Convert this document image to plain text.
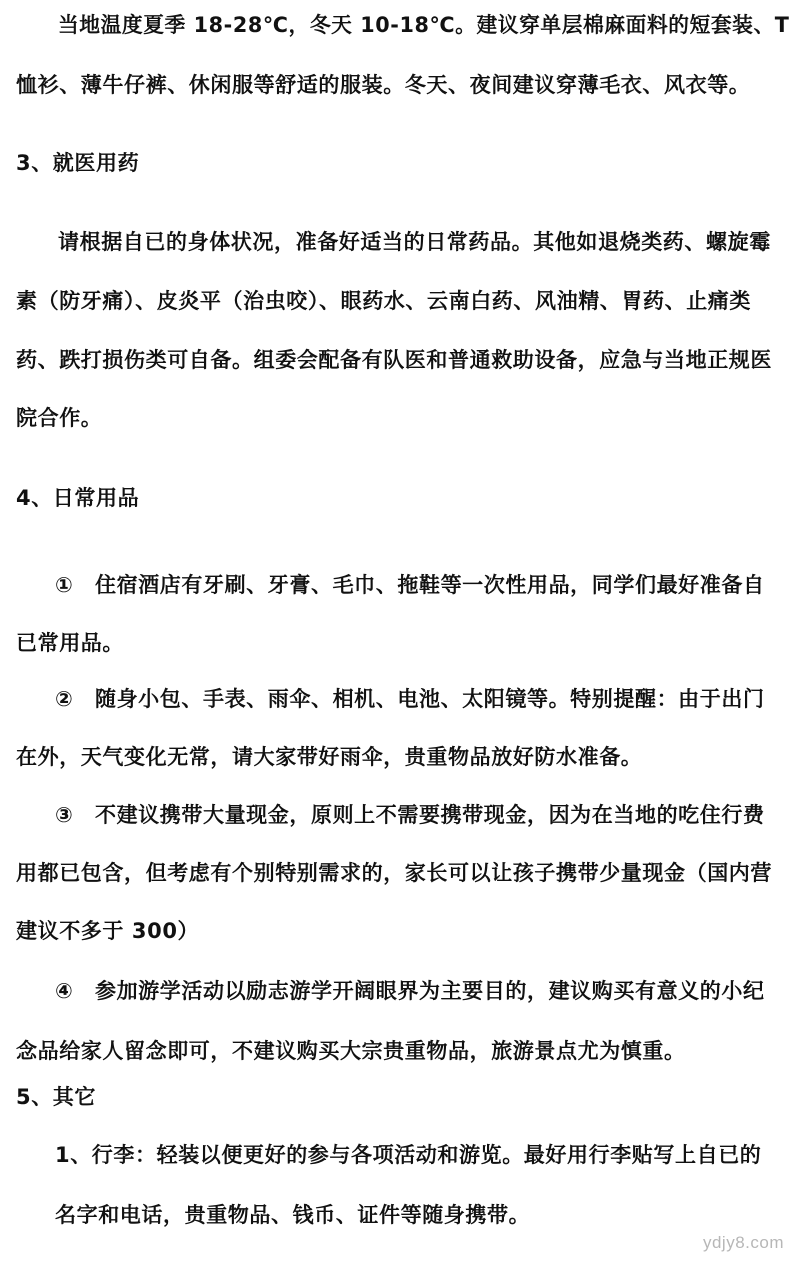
当地温度夏季 18-28℃，冬天 10-18℃。建议穿单层棉麻面料的短套装、T

恤衫、薄牛仔裤、休闲服等舒适的服装。冬天、夜间建议穿薄毛衣、风衣等。

3、就医用药

请根据自已的身体状况，准备好适当的日常药品。其他如退烧类药、螺旋霉

素（防牙痛）、皮炎平（治虫咬）、眼药水、云南白药、风油精、胃药、止痛类

药、跌打损伤类可自备。组委会配备有队医和普通救助设备，应急与当地正规医

院合作。

4、日常用品

①　住宿酒店有牙刷、牙膏、毛巾、拖鞋等一次性用品，同学们最好准备自

已常用品。

②　随身小包、手表、雨伞、相机、电池、太阳镜等。特别提醒：由于出门

在外，天气变化无常，请大家带好雨伞，贵重物品放好防水准备。

③　不建议携带大量现金，原则上不需要携带现金，因为在当地的吃住行费

用都已包含，但考虑有个别特别需求的，家长可以让孩子携带少量现金（国内营

建议不多于 300）

④　参加游学活动以励志游学开阔眼界为主要目的，建议购买有意义的小纪

念品给家人留念即可，不建议购买大宗贵重物品，旅游景点尤为慎重。

5、其它

1、行李：轻装以便更好的参与各项活动和游览。最好用行李贴写上自已的

名字和电话，贵重物品、钱币、证件等随身携带。

ydjy8.com
